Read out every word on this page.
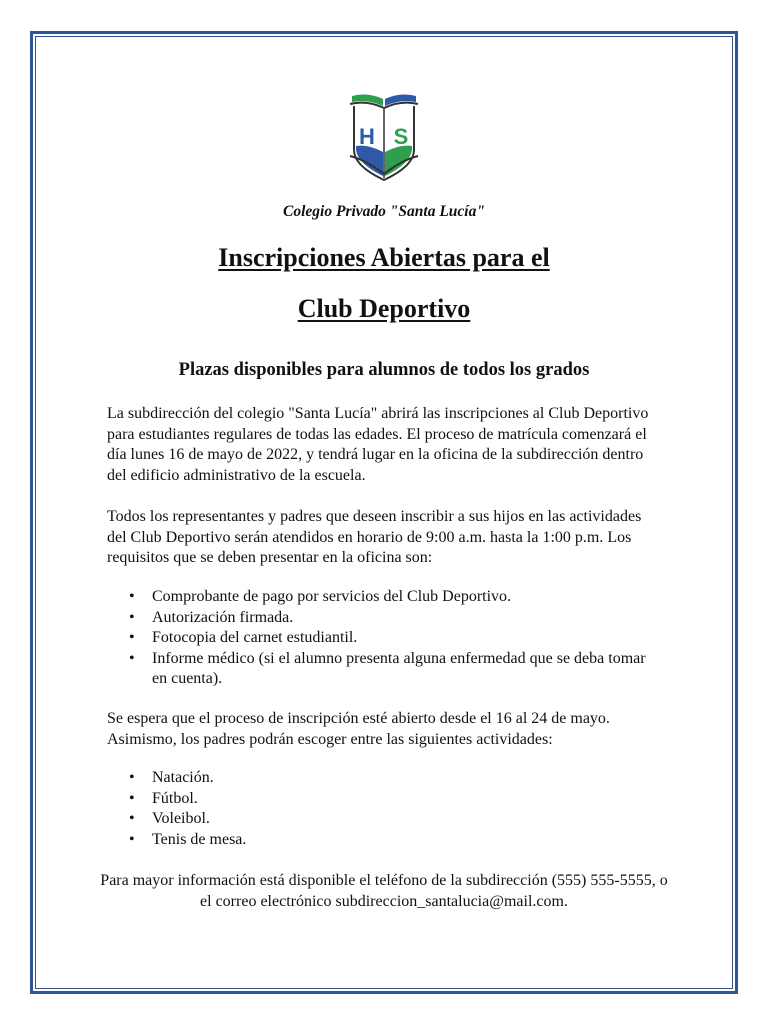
H S
Colegio Privado "Santa Lucía"
Inscripciones Abiertas para el
Club Deportivo
Plazas disponibles para alumnos de todos los grados

La subdirección del colegio "Santa Lucía" abrirá las inscripciones al Club Deportivo para estudiantes regulares de todas las edades. El proceso de matrícula comenzará el día lunes 16 de mayo de 2022, y tendrá lugar en la oficina de la subdirección dentro del edificio administrativo de la escuela.

Todos los representantes y padres que deseen inscribir a sus hijos en las actividades del Club Deportivo serán atendidos en horario de 9:00 a.m. hasta la 1:00 p.m. Los requisitos que se deben presentar en la oficina son:

• Comprobante de pago por servicios del Club Deportivo.
• Autorización firmada.
• Fotocopia del carnet estudiantil.
• Informe médico (si el alumno presenta alguna enfermedad que se deba tomar en cuenta).

Se espera que el proceso de inscripción esté abierto desde el 16 al 24 de mayo. Asimismo, los padres podrán escoger entre las siguientes actividades:

• Natación.
• Fútbol.
• Voleibol.
• Tenis de mesa.

Para mayor información está disponible el teléfono de la subdirección (555) 555-5555, o el correo electrónico subdireccion_santalucia@mail.com.
